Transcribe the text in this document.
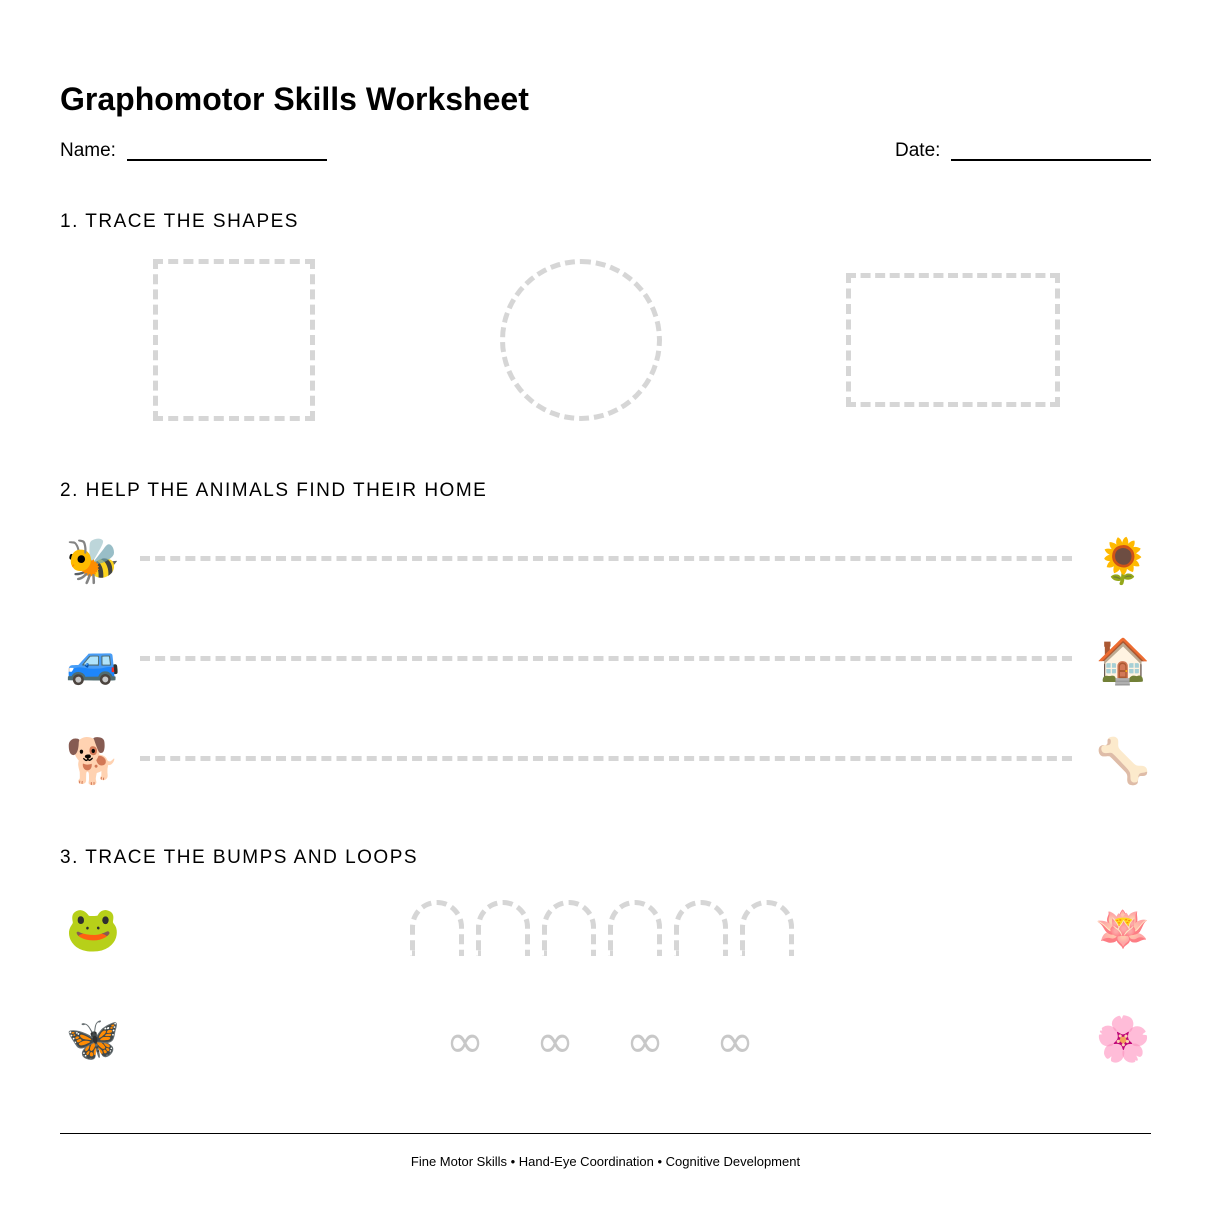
Graphomotor Skills Worksheet
Name:	Date:
1. TRACE THE SHAPES
2. HELP THE ANIMALS FIND THEIR HOME
🐝	🌻
🚙	🏠
🐕	🦴
3. TRACE THE BUMPS AND LOOPS
🐸	🪷
🦋	∞ ∞ ∞ ∞	🌸
Fine Motor Skills • Hand-Eye Coordination • Cognitive Development
